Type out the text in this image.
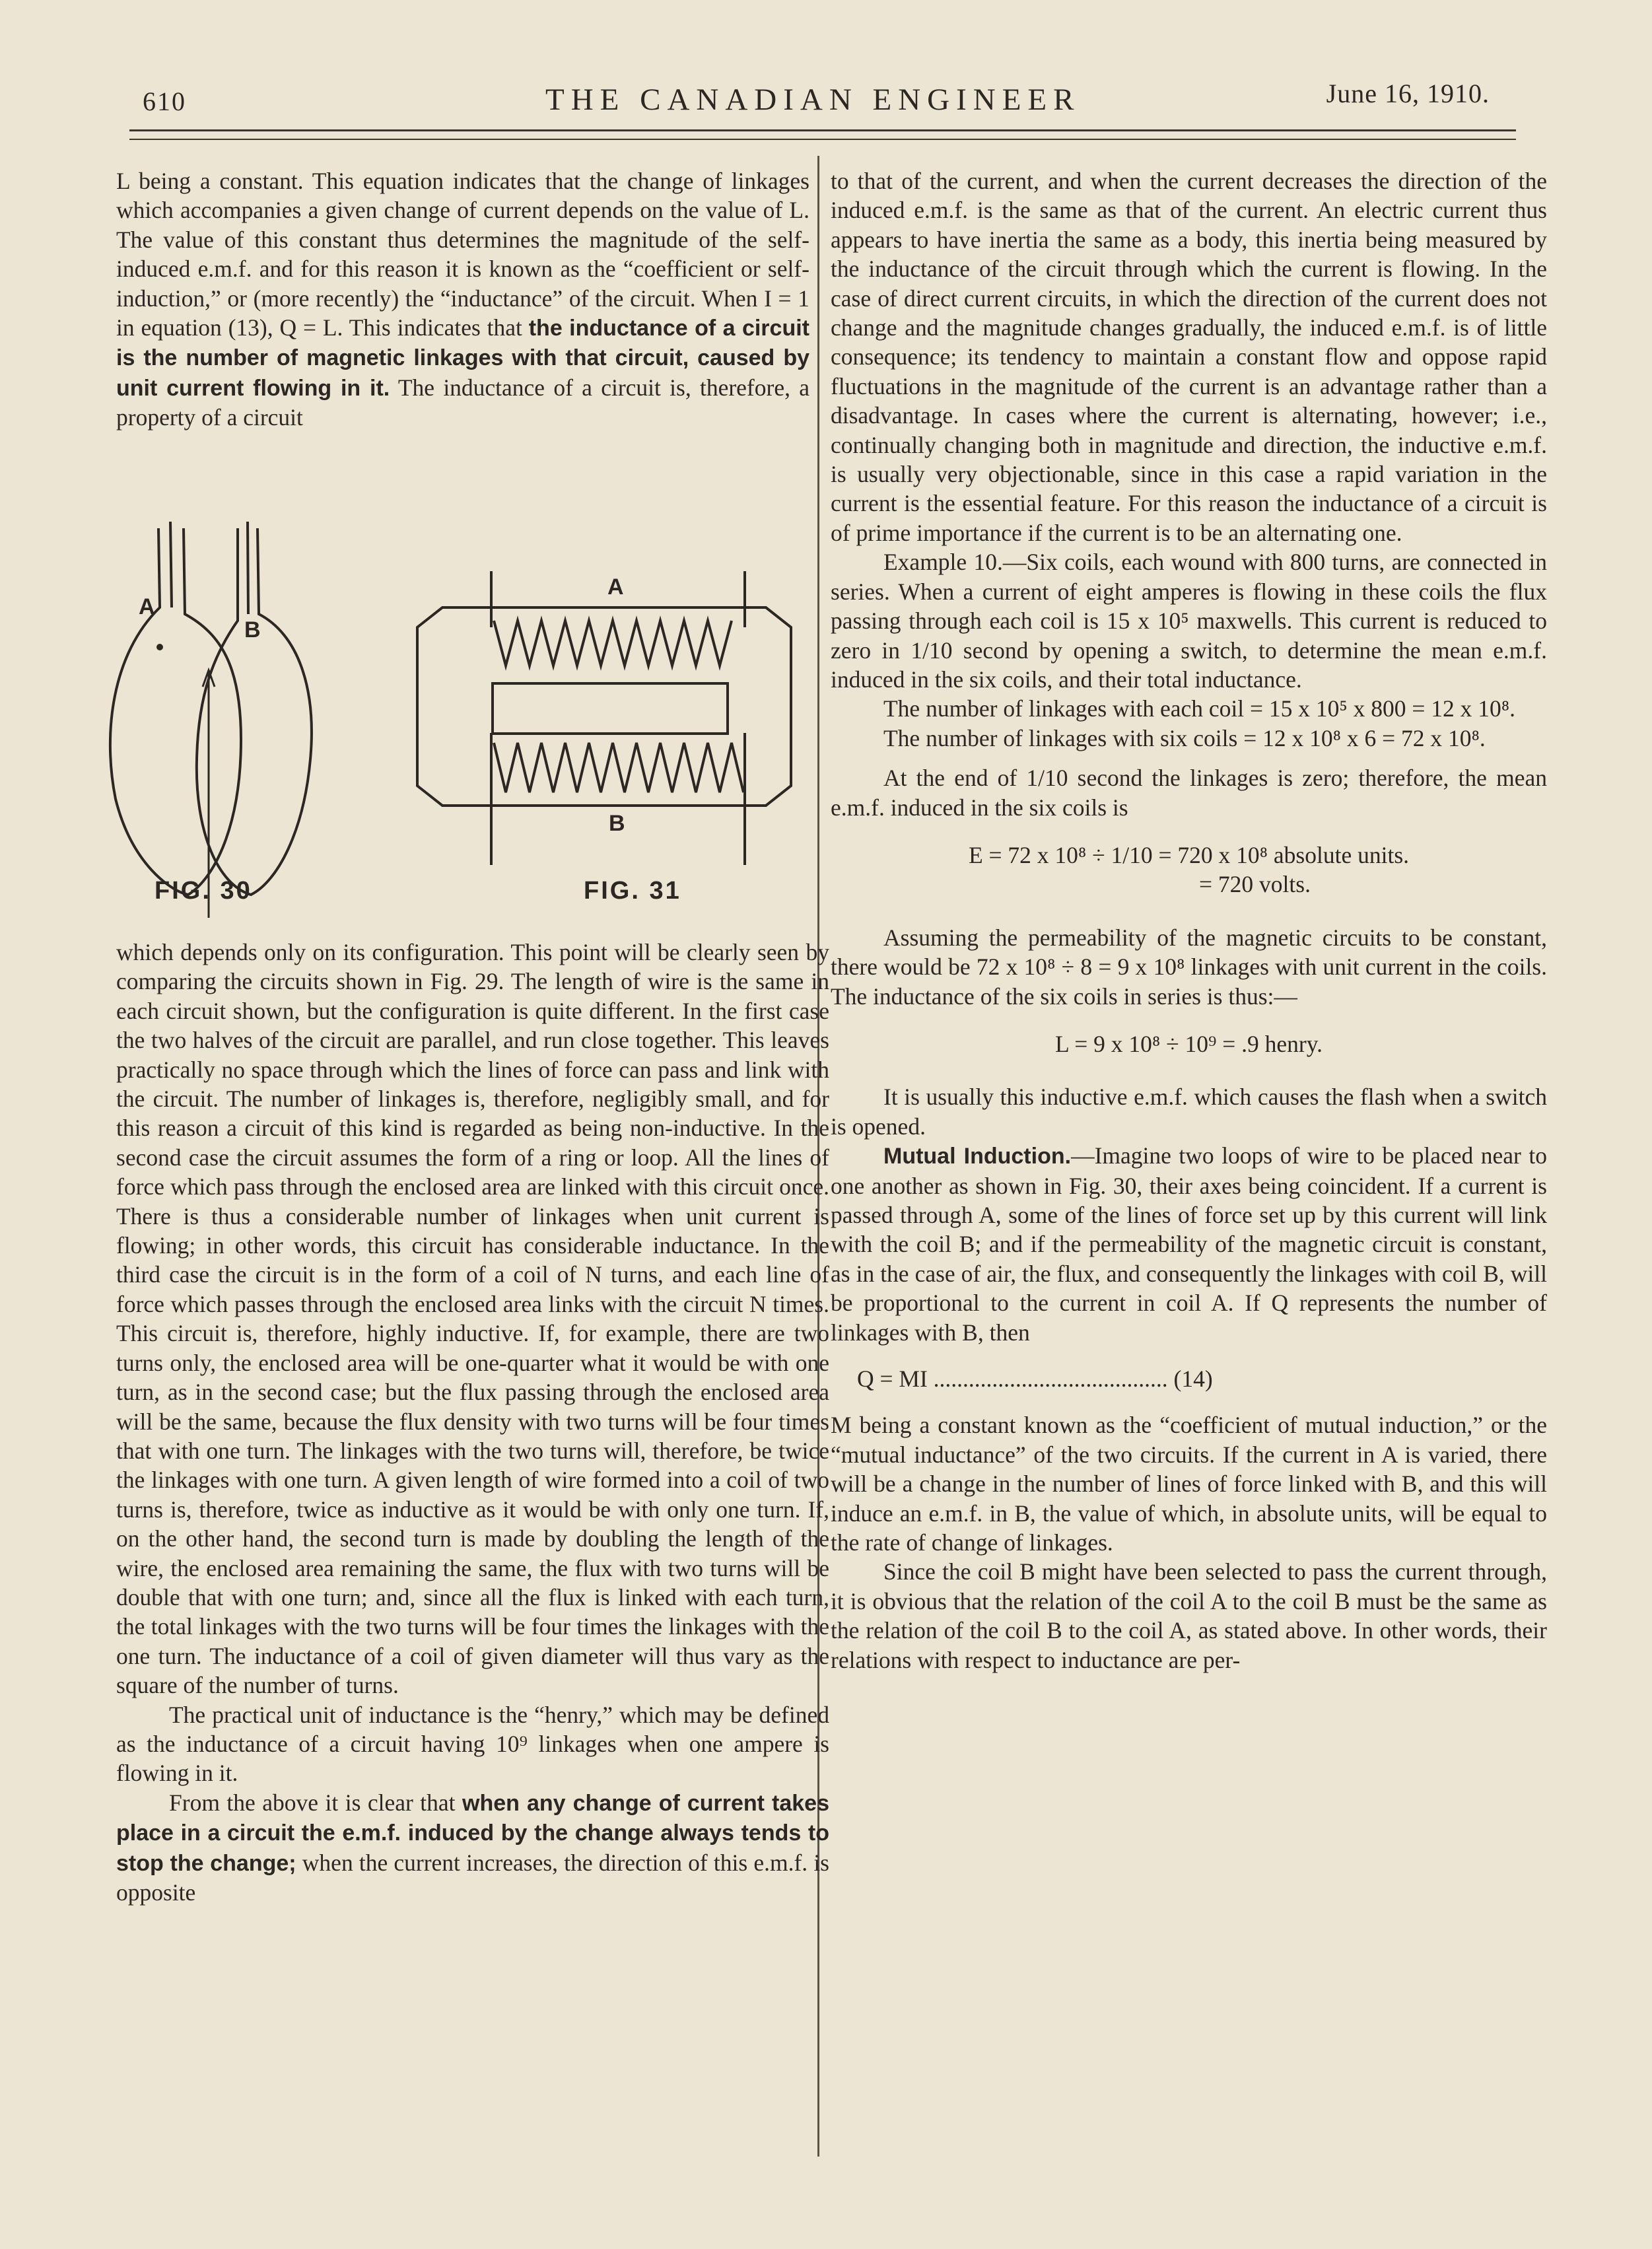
610	THE CANADIAN ENGINEER	June 16, 1910.

L being a constant. This equation indicates that the change of linkages which accompanies a given change of current depends on the value of L. The value of this constant thus determines the magnitude of the self-induced e.m.f. and for this reason it is known as the “coefficient or self-induction,” or (more recently) the “inductance” of the circuit. When I = 1 in equation (13), Q = L. This indicates that the inductance of a circuit is the number of magnetic linkages with that circuit, caused by unit current flowing in it. The inductance of a circuit is, therefore, a property of a circuit

A
B
A
B
FIG. 30	FIG. 31

which depends only on its configuration. This point will be clearly seen by comparing the circuits shown in Fig. 29. The length of wire is the same in each circuit shown, but the configuration is quite different. In the first case the two halves of the circuit are parallel, and run close together. This leaves practically no space through which the lines of force can pass and link with the circuit. The number of linkages is, therefore, negligibly small, and for this reason a circuit of this kind is regarded as being non-inductive. In the second case the circuit assumes the form of a ring or loop. All the lines of force which pass through the enclosed area are linked with this circuit once. There is thus a considerable number of linkages when unit current is flowing; in other words, this circuit has considerable inductance. In the third case the circuit is in the form of a coil of N turns, and each line of force which passes through the enclosed area links with the circuit N times. This circuit is, therefore, highly inductive. If, for example, there are two turns only, the enclosed area will be one-quarter what it would be with one turn, as in the second case; but the flux passing through the enclosed area will be the same, because the flux density with two turns will be four times that with one turn. The linkages with the two turns will, therefore, be twice the linkages with one turn. A given length of wire formed into a coil of two turns is, therefore, twice as inductive as it would be with only one turn. If, on the other hand, the second turn is made by doubling the length of the wire, the enclosed area remaining the same, the flux with two turns will be double that with one turn; and, since all the flux is linked with each turn, the total linkages with the two turns will be four times the linkages with the one turn. The inductance of a coil of given diameter will thus vary as the square of the number of turns.

The practical unit of inductance is the “henry,” which may be defined as the inductance of a circuit having 10⁹ linkages when one ampere is flowing in it.

From the above it is clear that when any change of current takes place in a circuit the e.m.f. induced by the change always tends to stop the change; when the current increases, the direction of this e.m.f. is opposite

to that of the current, and when the current decreases the direction of the induced e.m.f. is the same as that of the current. An electric current thus appears to have inertia the same as a body, this inertia being measured by the inductance of the circuit through which the current is flowing. In the case of direct current circuits, in which the direction of the current does not change and the magnitude changes gradually, the induced e.m.f. is of little consequence; its tendency to maintain a constant flow and oppose rapid fluctuations in the magnitude of the current is an advantage rather than a disadvantage. In cases where the current is alternating, however; i.e., continually changing both in magnitude and direction, the inductive e.m.f. is usually very objectionable, since in this case a rapid variation in the current is the essential feature. For this reason the inductance of a circuit is of prime importance if the current is to be an alternating one.

Example 10.—Six coils, each wound with 800 turns, are connected in series. When a current of eight amperes is flowing in these coils the flux passing through each coil is 15 x 10⁵ maxwells. This current is reduced to zero in 1/10 second by opening a switch, to determine the mean e.m.f. induced in the six coils, and their total inductance.

The number of linkages with each coil = 15 x 10⁵ x 800 = 12 x 10⁸.

The number of linkages with six coils = 12 x 10⁸ x 6 = 72 x 10⁸.

At the end of 1/10 second the linkages is zero; therefore, the mean e.m.f. induced in the six coils is

E = 72 x 10⁸ ÷ 1/10 = 720 x 10⁸ absolute units.

= 720 volts.

Assuming the permeability of the magnetic circuits to be constant, there would be 72 x 10⁸ ÷ 8 = 9 x 10⁸ linkages with unit current in the coils. The inductance of the six coils in series is thus:—

L = 9 x 10⁸ ÷ 10⁹ = .9 henry.

It is usually this inductive e.m.f. which causes the flash when a switch is opened.

Mutual Induction.—Imagine two loops of wire to be placed near to one another as shown in Fig. 30, their axes being coincident. If a current is passed through A, some of the lines of force set up by this current will link with the coil B; and if the permeability of the magnetic circuit is constant, as in the case of air, the flux, and consequently the linkages with coil B, will be proportional to the current in coil A. If Q represents the number of linkages with B, then

Q = MI ........................................ (14)

M being a constant known as the “coefficient of mutual induction,” or the “mutual inductance” of the two circuits. If the current in A is varied, there will be a change in the number of lines of force linked with B, and this will induce an e.m.f. in B, the value of which, in absolute units, will be equal to the rate of change of linkages.

Since the coil B might have been selected to pass the current through, it is obvious that the relation of the coil A to the coil B must be the same as the relation of the coil B to the coil A, as stated above. In other words, their relations with respect to inductance are per-
